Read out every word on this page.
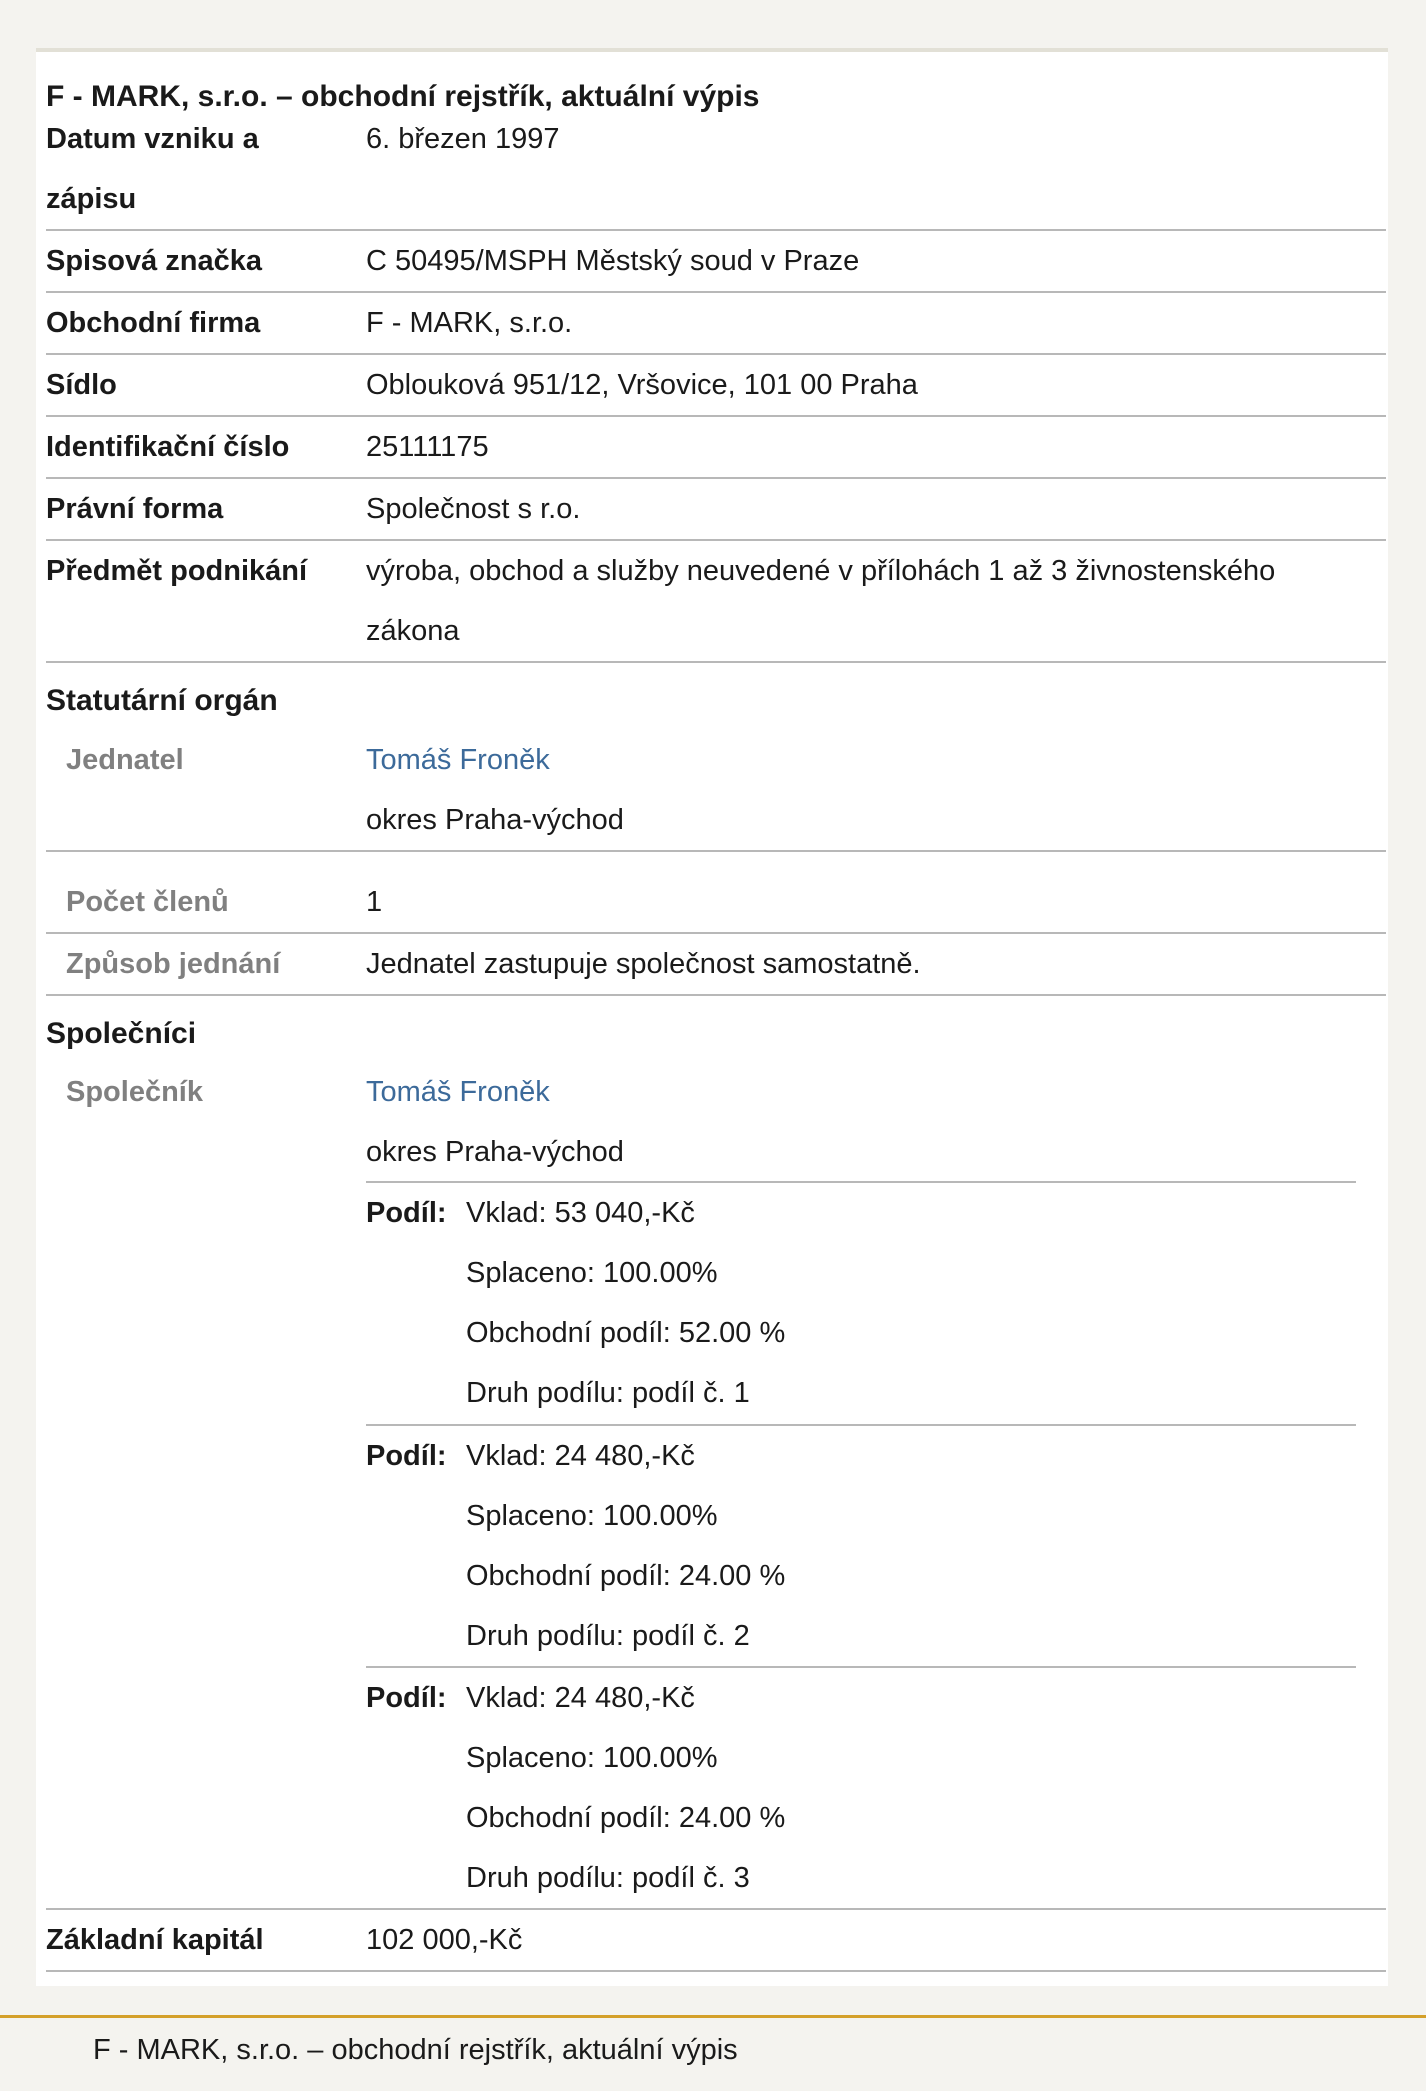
F - MARK, s.r.o. – obchodní rejstřík, aktuální výpis
Datum vzniku a
zápisu
6. březen 1997
Spisová značka	C 50495/MSPH Městský soud v Praze
Obchodní firma	F - MARK, s.r.o.
Sídlo	Oblouková 951/12, Vršovice, 101 00 Praha
Identifikační číslo	25111175
Právní forma	Společnost s r.o.
Předmět podnikání výroba, obchod a služby neuvedené v přílohách 1 až 3 živnostenského
zákona
Statutární orgán
Jednatel	Tomáš Froněk
okres Praha-východ
Počet členů	1
Způsob jednání	Jednatel zastupuje společnost samostatně.
Společníci
Společník	Tomáš Froněk
okres Praha-východ
Podíl: Vklad: 53 040,-Kč
Splaceno: 100.00%
Obchodní podíl: 52.00 %
Druh podílu: podíl č. 1
Podíl: Vklad: 24 480,-Kč
Splaceno: 100.00%
Obchodní podíl: 24.00 %
Druh podílu: podíl č. 2
Podíl: Vklad: 24 480,-Kč
Splaceno: 100.00%
Obchodní podíl: 24.00 %
Druh podílu: podíl č. 3
Základní kapitál	102 000,-Kč
F - MARK, s.r.o. – obchodní rejstřík, aktuální výpis
